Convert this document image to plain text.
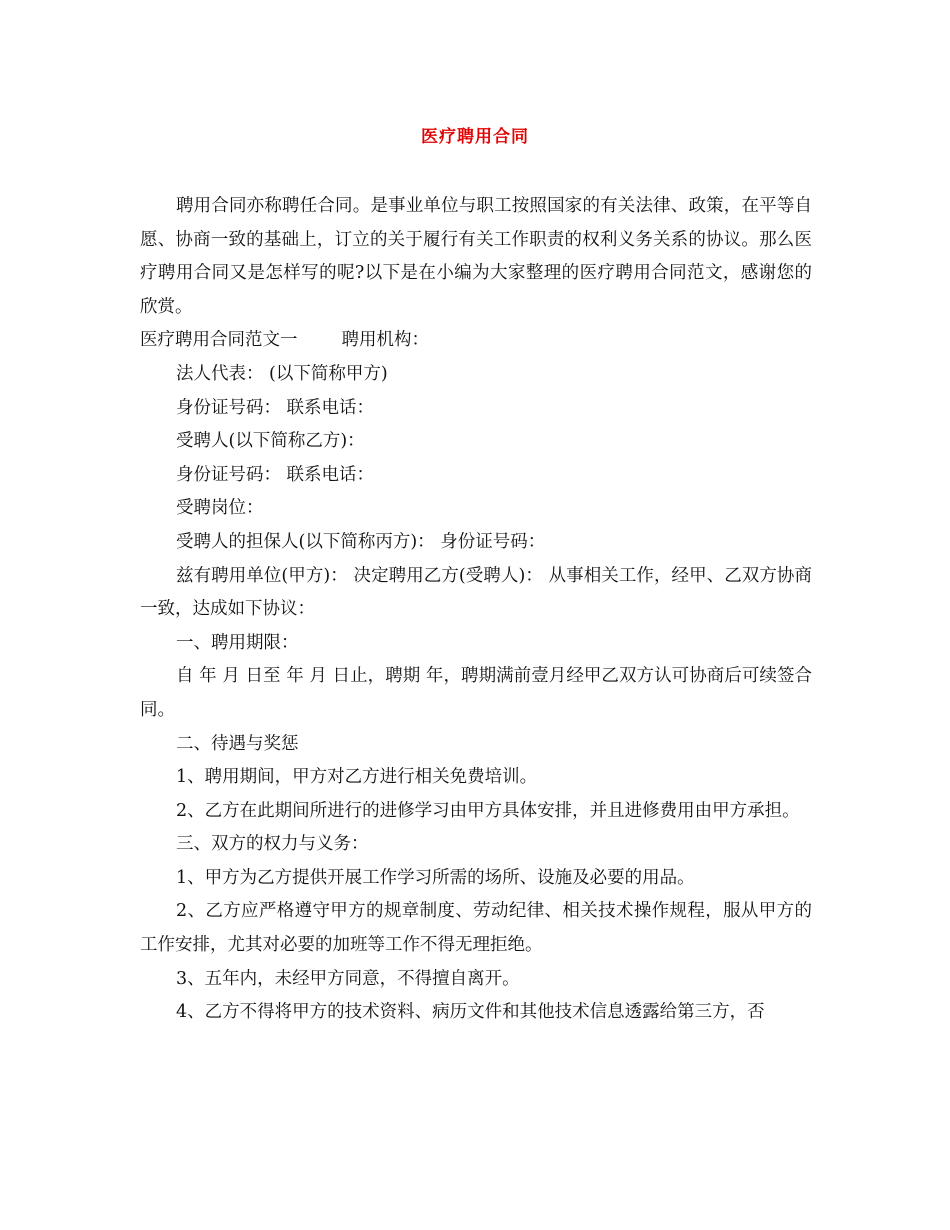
医疗聘用合同

聘用合同亦称聘任合同。是事业单位与职工按照国家的有关法律、政策，在平等自愿、协商一致的基础上，订立的关于履行有关工作职责的权利义务关系的协议。那么医疗聘用合同又是怎样写的呢?以下是在小编为大家整理的医疗聘用合同范文，感谢您的欣赏。

医疗聘用合同范文一	聘用机构：

法人代表： (以下简称甲方)

身份证号码： 联系电话：

受聘人(以下简称乙方)：

身份证号码： 联系电话：

受聘岗位：

受聘人的担保人(以下简称丙方)： 身份证号码：

兹有聘用单位(甲方)： 决定聘用乙方(受聘人)： 从事相关工作，经甲、乙双方协商一致，达成如下协议：

一、聘用期限：

自 年 月 日至 年 月 日止，聘期 年，聘期满前壹月经甲乙双方认可协商后可续签合同。

二、待遇与奖惩

1、聘用期间，甲方对乙方进行相关免费培训。

2、乙方在此期间所进行的进修学习由甲方具体安排，并且进修费用由甲方承担。

三、双方的权力与义务：

1、甲方为乙方提供开展工作学习所需的场所、设施及必要的用品。

2、乙方应严格遵守甲方的规章制度、劳动纪律、相关技术操作规程，服从甲方的工作安排，尤其对必要的加班等工作不得无理拒绝。

3、五年内，未经甲方同意，不得擅自离开。

4、乙方不得将甲方的技术资料、病历文件和其他技术信息透露给第三方，否
